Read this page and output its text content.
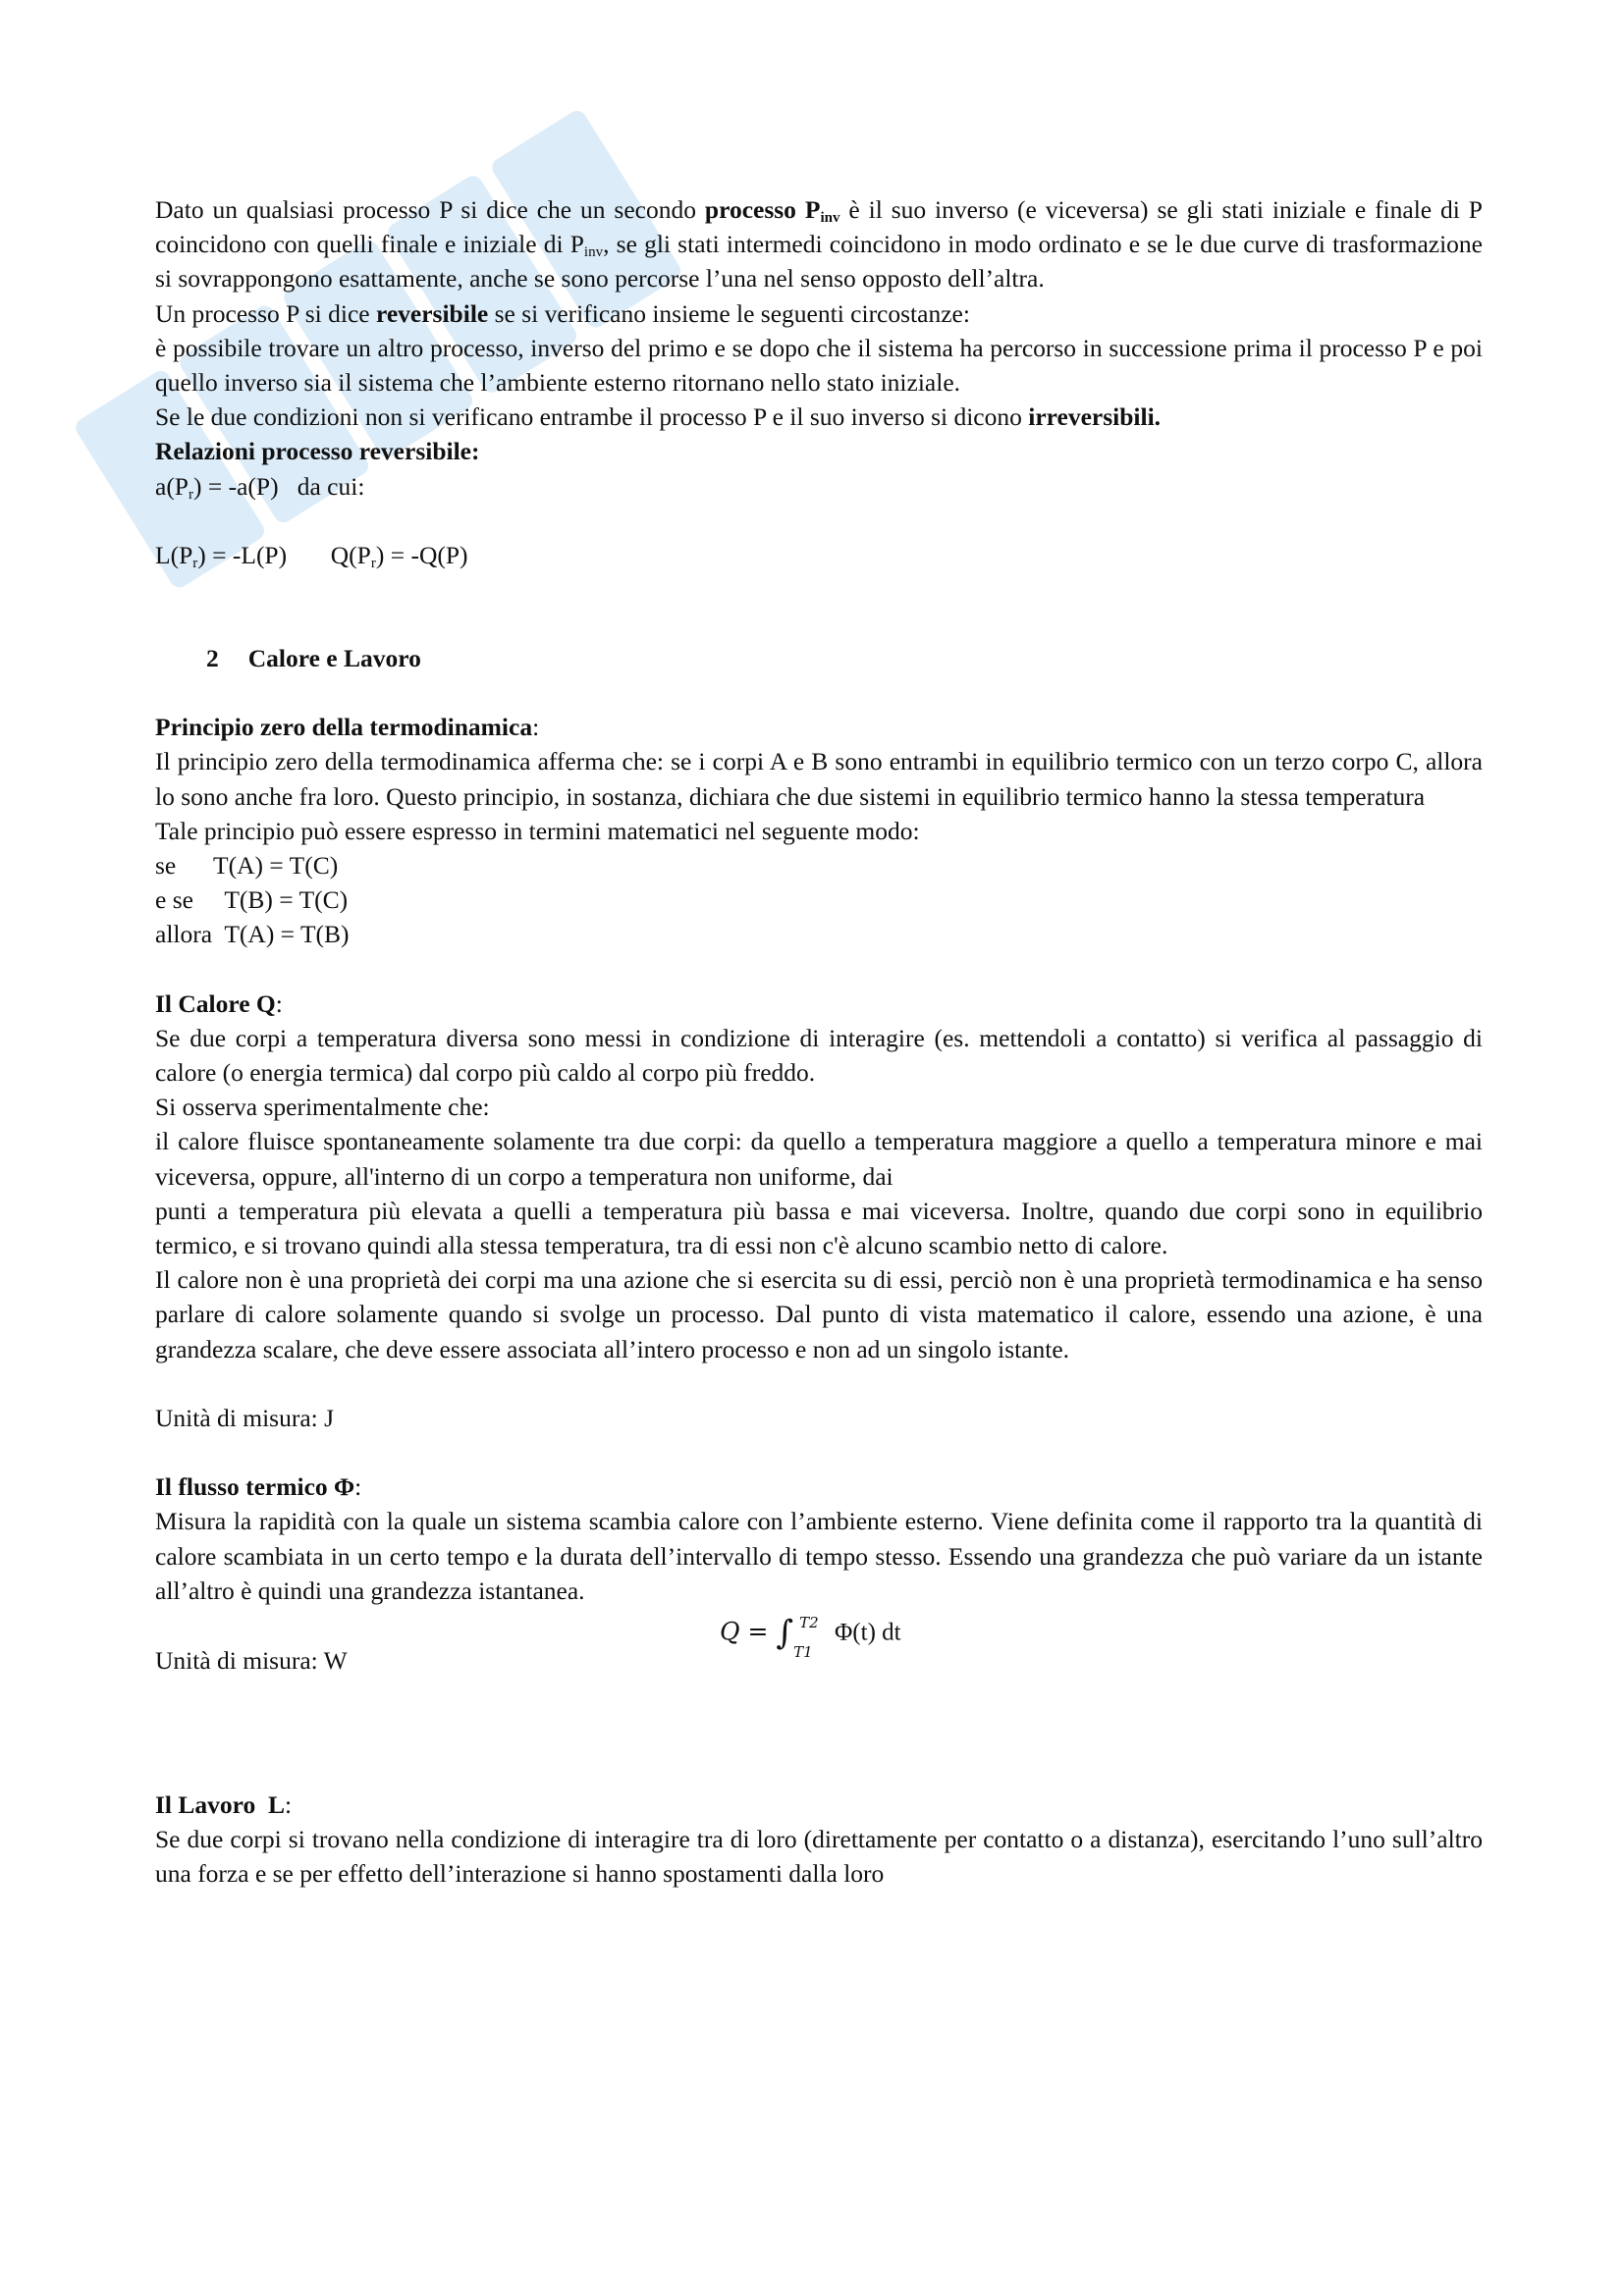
Dato un qualsiasi processo P si dice che un secondo processo $P_{inv}$ è il suo inverso (e viceversa) se gli stati iniziale e finale di P coincidono con quelli finale e iniziale di $P_{inv}$, se gli stati intermedi coincidono in modo ordinato e se le due curve di trasformazione si sovrappongono esattamente, anche se sono percorse l’una nel senso opposto dell’altra.

Un processo P si dice reversibile se si verificano insieme le seguenti circostanze:

è possibile trovare un altro processo, inverso del primo e se dopo che il sistema ha percorso in successione prima il processo P e poi quello inverso sia il sistema che l’ambiente esterno ritornano nello stato iniziale.

Se le due condizioni non si verificano entrambe il processo P e il suo inverso si dicono irreversibili.

Relazioni processo reversibile:

$a(P_r) = -a(P)$   da cui:

$L(P_r) = -L(P)$       $Q(P_r) = -Q(P)$

2 Calore e Lavoro

Principio zero della termodinamica:

Il principio zero della termodinamica afferma che: se i corpi A e B sono entrambi in equilibrio termico con un terzo corpo C, allora lo sono anche fra loro. Questo principio, in sostanza, dichiara che due sistemi in equilibrio termico hanno la stessa temperatura

Tale principio può essere espresso in termini matematici nel seguente modo:

se      T(A) = T(C)

e se     T(B) = T(C)

allora  T(A) = T(B)

Il Calore Q:

Se due corpi a temperatura diversa sono messi in condizione di interagire (es. mettendoli a contatto) si verifica al passaggio di calore (o energia termica) dal corpo più caldo al corpo più freddo.

Si osserva sperimentalmente che:

il calore fluisce spontaneamente solamente tra due corpi: da quello a temperatura maggiore a quello a temperatura minore e mai viceversa, oppure, all'interno di un corpo a temperatura non uniforme, dai

punti a temperatura più elevata a quelli a temperatura più bassa e mai viceversa. Inoltre, quando due corpi sono in equilibrio termico, e si trovano quindi alla stessa temperatura, tra di essi non c'è alcuno scambio netto di calore.

Il calore non è una proprietà dei corpi ma una azione che si esercita su di essi, perciò non è una proprietà termodinamica e ha senso parlare di calore solamente quando si svolge un processo. Dal punto di vista matematico il calore, essendo una azione, è una grandezza scalare, che deve essere associata all’intero processo e non ad un singolo istante.

Unità di misura: J

Il flusso termico Φ:

Misura la rapidità con la quale un sistema scambia calore con l’ambiente esterno. Viene definita come il rapporto tra la quantità di calore scambiata in un certo tempo e la durata dell’intervallo di tempo stesso. Essendo una grandezza che può variare da un istante all’altro è quindi una grandezza istantanea.

Q = ∫ T2
T1
Φ(t) dt

Unità di misura: W

Il Lavoro  L:

Se due corpi si trovano nella condizione di interagire tra di loro (direttamente per contatto o a distanza), esercitando l’uno sull’altro una forza e se per effetto dell’interazione si hanno spostamenti dalla loro
